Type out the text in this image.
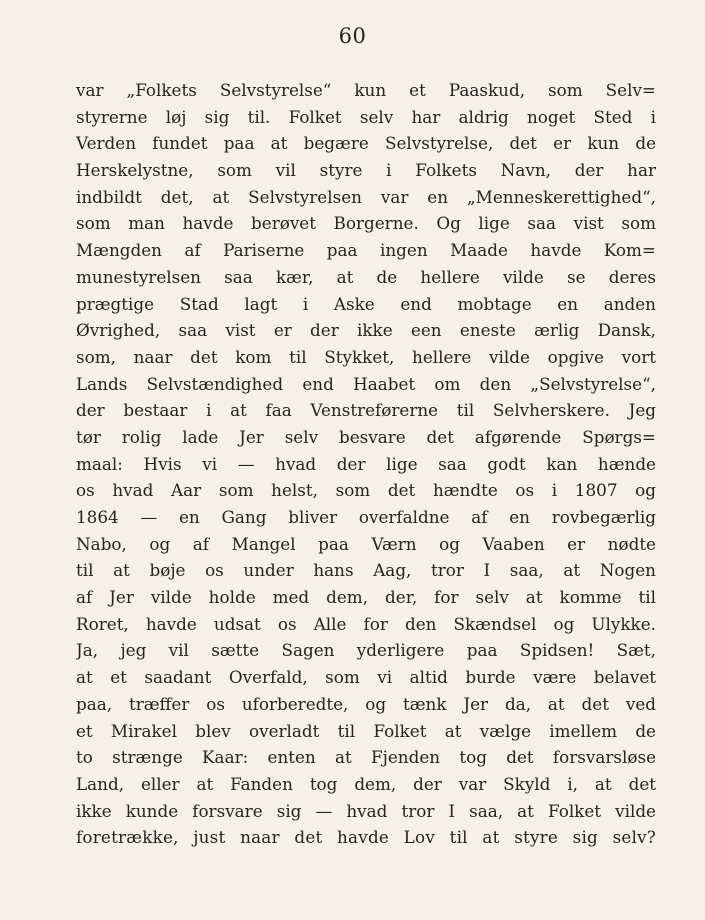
60
var „Folkets Selvstyrelse“ kun et Paaskud, som Selv=
styrerne løj sig til. Folket selv har aldrig noget Sted i
Verden fundet paa at begære Selvstyrelse, det er kun de
Herskelystne, som vil styre i Folkets Navn, der har
indbildt det, at Selvstyrelsen var en „Menneskerettighed“,
som man havde berøvet Borgerne. Og lige saa vist som
Mængden af Pariserne paa ingen Maade havde Kom=
munestyrelsen saa kær, at de hellere vilde se deres
prægtige Stad lagt i Aske end mobtage en anden
Øvrighed, saa vist er der ikke een eneste ærlig Dansk,
som, naar det kom til Stykket, hellere vilde opgive vort
Lands Selvstændighed end Haabet om den „Selvstyrelse“,
der bestaar i at faa Venstreførerne til Selvherskere. Jeg
tør rolig lade Jer selv besvare det afgørende Spørgs=
maal: Hvis vi — hvad der lige saa godt kan hænde
os hvad Aar som helst, som det hændte os i 1807 og
1864 — en Gang bliver overfaldne af en rovbegærlig
Nabo, og af Mangel paa Værn og Vaaben er nødte
til at bøje os under hans Aag, tror I saa, at Nogen
af Jer vilde holde med dem, der, for selv at komme til
Roret, havde udsat os Alle for den Skændsel og Ulykke.
Ja, jeg vil sætte Sagen yderligere paa Spidsen! Sæt,
at et saadant Overfald, som vi altid burde være belavet
paa, træffer os uforberedte, og tænk Jer da, at det ved
et Mirakel blev overladt til Folket at vælge imellem de
to strænge Kaar: enten at Fjenden tog det forsvarsløse
Land, eller at Fanden tog dem, der var Skyld i, at det
ikke kunde forsvare sig — hvad tror I saa, at Folket vilde
foretrække, just naar det havde Lov til at styre sig selv?
